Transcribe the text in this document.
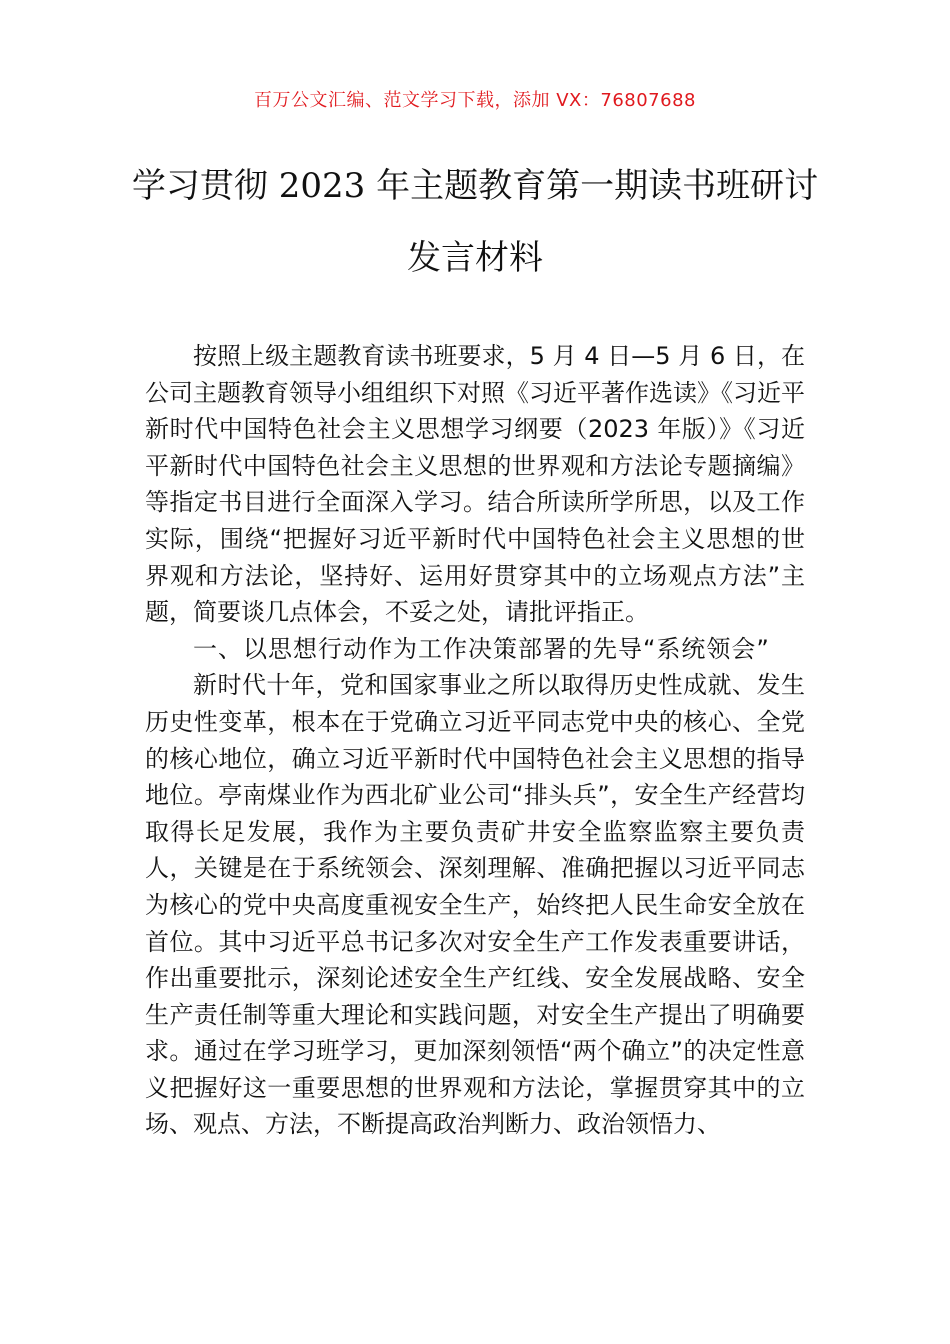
百万公文汇编、范文学习下载，添加 VX：76807688
学习贯彻 2023 年主题教育第一期读书班研讨发言材料

按照上级主题教育读书班要求，5 月 4 日—5 月 6 日，在公司主题教育领导小组组织下对照《习近平著作选读》《习近平新时代中国特色社会主义思想学习纲要（2023 年版）》《习近平新时代中国特色社会主义思想的世界观和方法论专题摘编》等指定书目进行全面深入学习。结合所读所学所思，以及工作实际，围绕“把握好习近平新时代中国特色社会主义思想的世界观和方法论，坚持好、运用好贯穿其中的立场观点方法”主题，简要谈几点体会，不妥之处，请批评指正。

一、以思想行动作为工作决策部署的先导“系统领会”

新时代十年，党和国家事业之所以取得历史性成就、发生历史性变革，根本在于党确立习近平同志党中央的核心、全党的核心地位，确立习近平新时代中国特色社会主义思想的指导地位。亭南煤业作为西北矿业公司“排头兵”，安全生产经营均取得长足发展，我作为主要负责矿井安全监察监察主要负责人，关键是在于系统领会、深刻理解、准确把握以习近平同志为核心的党中央高度重视安全生产，始终把人民生命安全放在首位。其中习近平总书记多次对安全生产工作发表重要讲话，作出重要批示，深刻论述安全生产红线、安全发展战略、安全生产责任制等重大理论和实践问题，对安全生产提出了明确要求。通过在学习班学习，更加深刻领悟“两个确立”的决定性意义把握好这一重要思想的世界观和方法论，掌握贯穿其中的立场、观点、方法，不断提高政治判断力、政治领悟力、
